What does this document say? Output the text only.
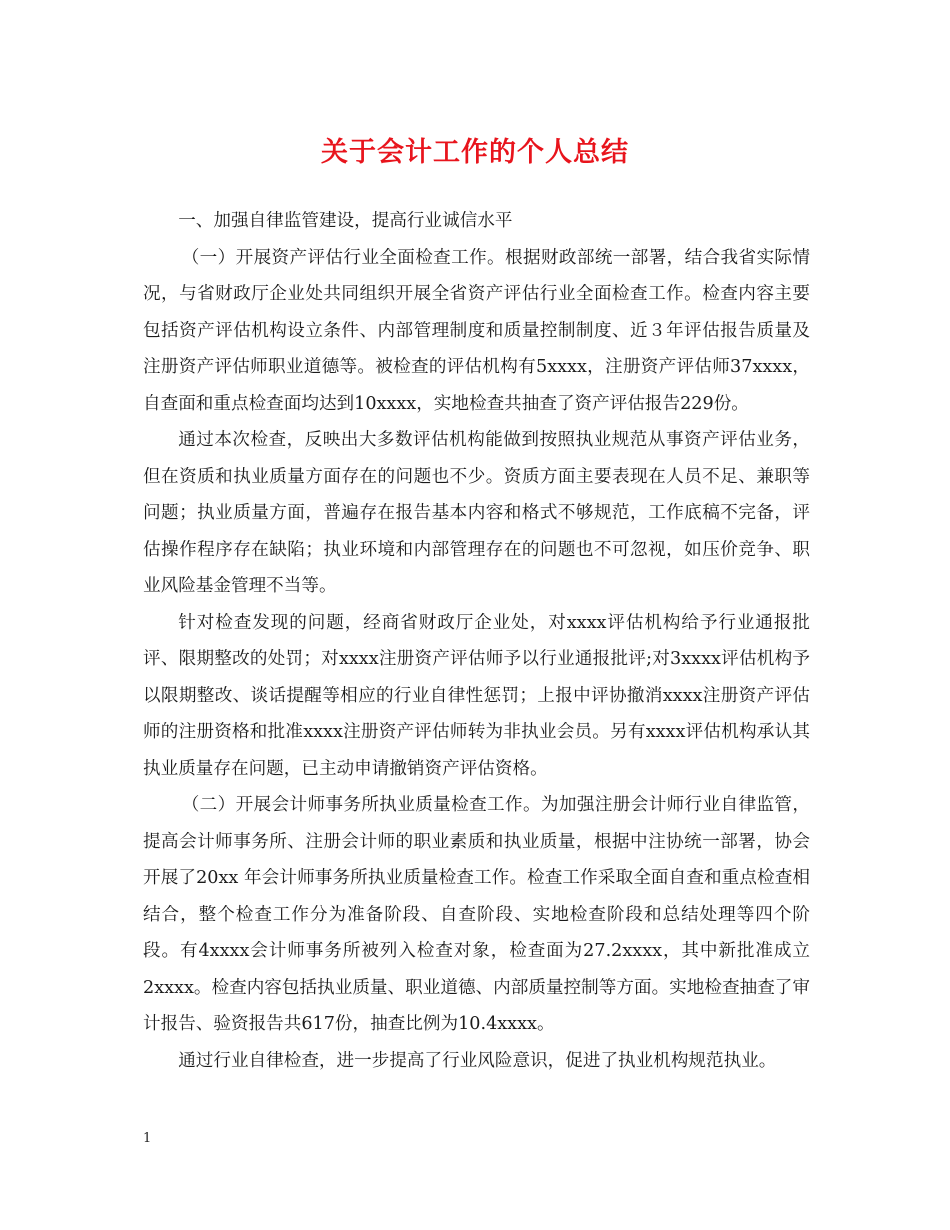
关于会计工作的个人总结

一、加强自律监管建设，提高行业诚信水平

（一）开展资产评估行业全面检查工作。根据财政部统一部署，结合我省实际情况，与省财政厅企业处共同组织开展全省资产评估行业全面检查工作。检查内容主要包括资产评估机构设立条件、内部管理制度和质量控制制度、近３年评估报告质量及注册资产评估师职业道德等。被检查的评估机构有5xxxx，注册资产评估师37xxxx，自查面和重点检查面均达到10xxxx，实地检查共抽查了资产评估报告229份。

通过本次检查，反映出大多数评估机构能做到按照执业规范从事资产评估业务，但在资质和执业质量方面存在的问题也不少。资质方面主要表现在人员不足、兼职等问题；执业质量方面，普遍存在报告基本内容和格式不够规范，工作底稿不完备，评估操作程序存在缺陷；执业环境和内部管理存在的问题也不可忽视，如压价竞争、职业风险基金管理不当等。

针对检查发现的问题，经商省财政厅企业处，对xxxx评估机构给予行业通报批评、限期整改的处罚；对xxxx注册资产评估师予以行业通报批评;对3xxxx评估机构予以限期整改、谈话提醒等相应的行业自律性惩罚；上报中评协撤消xxxx注册资产评估师的注册资格和批准xxxx注册资产评估师转为非执业会员。另有xxxx评估机构承认其执业质量存在问题，已主动申请撤销资产评估资格。

（二）开展会计师事务所执业质量检查工作。为加强注册会计师行业自律监管，提高会计师事务所、注册会计师的职业素质和执业质量，根据中注协统一部署，协会开展了20xx 年会计师事务所执业质量检查工作。检查工作采取全面自查和重点检查相结合，整个检查工作分为准备阶段、自查阶段、实地检查阶段和总结处理等四个阶段。有4xxxx会计师事务所被列入检查对象，检查面为27.2xxxx，其中新批准成立2xxxx。检查内容包括执业质量、职业道德、内部质量控制等方面。实地检查抽查了审计报告、验资报告共617份，抽查比例为10.4xxxx。

通过行业自律检查，进一步提高了行业风险意识，促进了执业机构规范执业。

1
